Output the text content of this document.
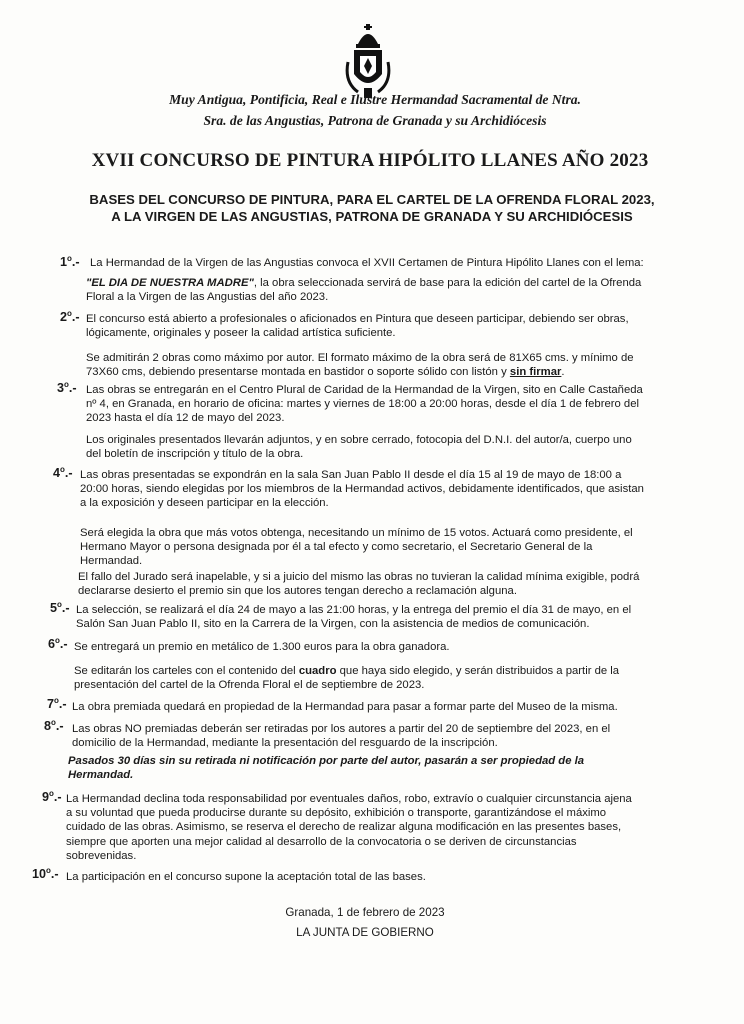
Muy Antigua, Pontificia, Real e Ilustre Hermandad Sacramental de Ntra.
Sra. de las Angustias, Patrona de Granada y su Archidiócesis
XVII CONCURSO DE PINTURA HIPÓLITO LLANES AÑO 2023
BASES DEL CONCURSO DE PINTURA, PARA EL CARTEL DE LA OFRENDA FLORAL 2023,
A LA VIRGEN DE LAS ANGUSTIAS, PATRONA DE GRANADA Y SU ARCHIDIÓCESIS
1$^o$.- La Hermandad de la Virgen de las Angustias convoca el XVII Certamen de Pintura Hipólito Llanes con el lema:
"EL DIA DE NUESTRA MADRE", la obra seleccionada servirá de base para la edición del cartel de la Ofrenda
Floral a la Virgen de las Angustias del año 2023.
2$^o$.- El concurso está abierto a profesionales o aficionados en Pintura que deseen participar, debiendo ser obras,
lógicamente, originales y poseer la calidad artística suficiente.
Se admitirán 2 obras como máximo por autor. El formato máximo de la obra será de 81X65 cms. y mínimo de
73X60 cms, debiendo presentarse montada en bastidor o soporte sólido con listón y sin firmar.
3$^o$.- Las obras se entregarán en el Centro Plural de Caridad de la Hermandad de la Virgen, sito en Calle Castañeda
nº 4, en Granada, en horario de oficina: martes y viernes de 18:00 a 20:00 horas, desde el día 1 de febrero del
2023 hasta el día 12 de mayo del 2023.
Los originales presentados llevarán adjuntos, y en sobre cerrado, fotocopia del D.N.I. del autor/a, cuerpo uno
del boletín de inscripción y título de la obra.
4$^o$.- Las obras presentadas se expondrán en la sala San Juan Pablo II desde el día 15 al 19 de mayo de 18:00 a
20:00 horas, siendo elegidas por los miembros de la Hermandad activos, debidamente identificados, que asistan
a la exposición y deseen participar en la elección.
Será elegida la obra que más votos obtenga, necesitando un mínimo de 15 votos. Actuará como presidente, el
Hermano Mayor o persona designada por él a tal efecto y como secretario, el Secretario General de la
Hermandad.
El fallo del Jurado será inapelable, y si a juicio del mismo las obras no tuvieran la calidad mínima exigible, podrá
declararse desierto el premio sin que los autores tengan derecho a reclamación alguna.
5$^o$.- La selección, se realizará el día 24 de mayo a las 21:00 horas, y la entrega del premio el día 31 de mayo, en el
Salón San Juan Pablo II, sito en la Carrera de la Virgen, con la asistencia de medios de comunicación.
6$^o$.- Se entregará un premio en metálico de 1.300 euros para la obra ganadora.
Se editarán los carteles con el contenido del cuadro que haya sido elegido, y serán distribuidos a partir de la
presentación del cartel de la Ofrenda Floral el de septiembre de 2023.
7$^o$.- La obra premiada quedará en propiedad de la Hermandad para pasar a formar parte del Museo de la misma.
8$^o$.- Las obras NO premiadas deberán ser retiradas por los autores a partir del 20 de septiembre del 2023, en el
domicilio de la Hermandad, mediante la presentación del resguardo de la inscripción.
Pasados 30 días sin su retirada ni notificación por parte del autor, pasarán a ser propiedad de la
Hermandad.
9$^o$.- La Hermandad declina toda responsabilidad por eventuales daños, robo, extravío o cualquier circunstancia ajena
a su voluntad que pueda producirse durante su depósito, exhibición o transporte, garantizándose el máximo
cuidado de las obras. Asimismo, se reserva el derecho de realizar alguna modificación en las presentes bases,
siempre que aporten una mejor calidad al desarrollo de la convocatoria o se deriven de circunstancias
sobrevenidas.
10$^o$.- La participación en el concurso supone la aceptación total de las bases.
Granada, 1 de febrero de 2023
LA JUNTA DE GOBIERNO
